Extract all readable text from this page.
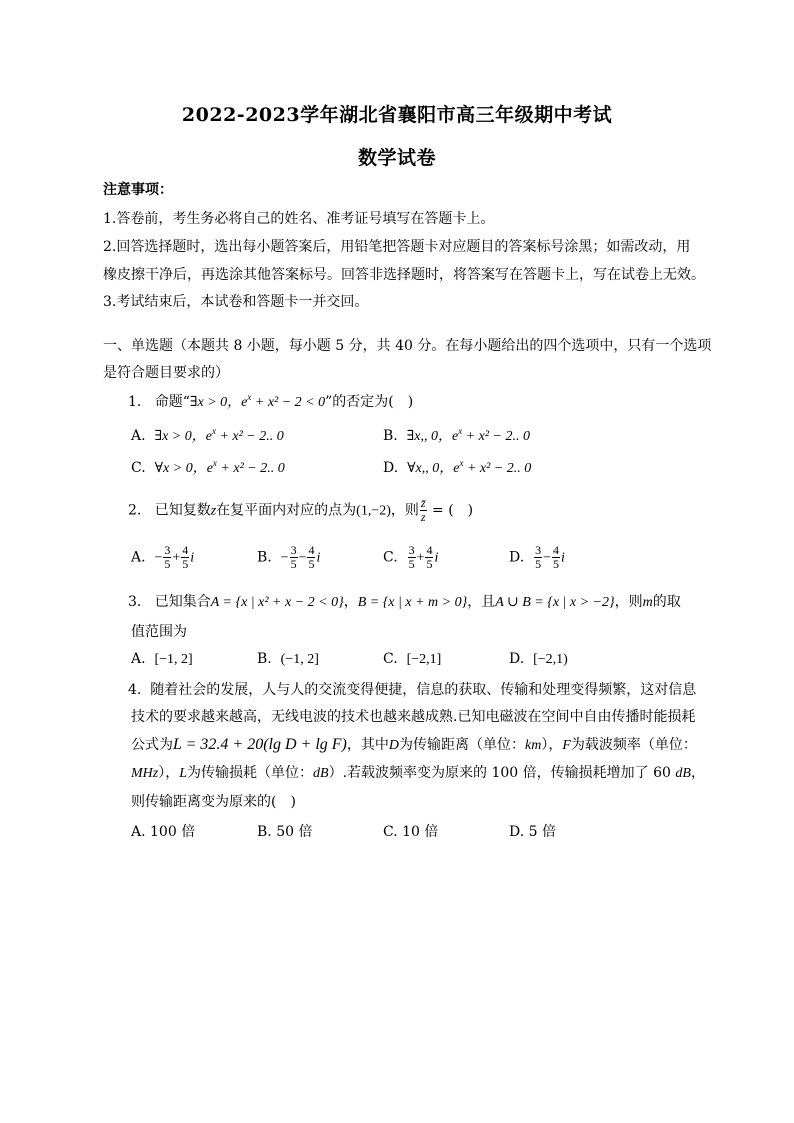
2022-2023学年湖北省襄阳市高三年级期中考试
数学试卷
注意事项：
1.答卷前，考生务必将自己的姓名、准考证号填写在答题卡上。
2.回答选择题时，选出每小题答案后，用铅笔把答题卡对应题目的答案标号涂黑；如需改动，用
橡皮擦干净后，再选涂其他答案标号。回答非选择题时，将答案写在答题卡上，写在试卷上无效。
3.考试结束后，本试卷和答题卡一并交回。
一、单选题（本题共 8 小题，每小题 5 分，共 40 分。在每小题给出的四个选项中，只有一个选项
是符合题目要求的）
1. 命题“∃x > 0，$e^x + x^2 - 2 < 0$”的否定为(　)
A. ∃x > 0，$e^x + x^2 - 2$.. 0	B. ∃x,, 0，$e^x + x^2 - 2$.. 0
C. ∀x > 0，$e^x + x^2 - 2$.. 0	D. ∀x,, 0，$e^x + x^2 - 2$.. 0
2. 已知复数z在复平面内对应的点为(1,−2)，则 $\frac{z̄}{z}$ = (　)
A. − $\frac{3}{5} + \frac{4}{5}$ i	B. − $\frac{3}{5} - \frac{4}{5}$ i	C. $\frac{3}{5} + \frac{4}{5}$ i	D. $\frac{3}{5} - \frac{4}{5}$ i
3. 已知集合A = {x | x² + x − 2 < 0}，B = {x | x + m > 0}，且A ∪ B = {x | x > −2}，则m的取
值范围为
A. [−1, 2]	B. (−1, 2]	C. [−2,1]	D. [−2,1)
4. 随着社会的发展，人与人的交流变得便捷，信息的获取、传输和处理变得频繁，这对信息
技术的要求越来越高，无线电波的技术也越来越成熟.已知电磁波在空间中自由传播时能损耗
公式为L = 32.4 + 20(lg D + lg F)，其中D为传输距离（单位：km），F为载波频率（单位：
MHz），L为传输损耗（单位：dB）.若载波频率变为原来的 100 倍，传输损耗增加了 60 dB，
则传输距离变为原来的(　)
A. 100 倍	B. 50 倍	C. 10 倍	D. 5 倍
